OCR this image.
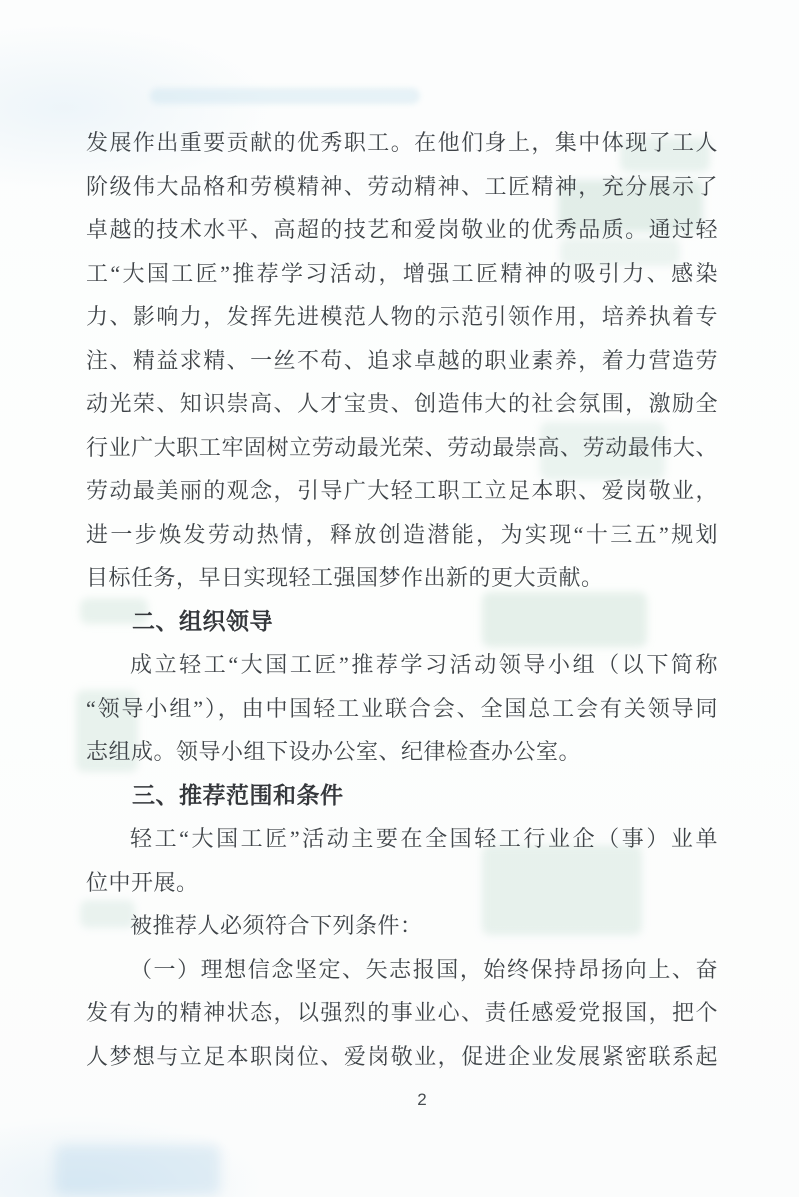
发展作出重要贡献的优秀职工。在他们身上，集中体现了工人
阶级伟大品格和劳模精神、劳动精神、工匠精神，充分展示了
卓越的技术水平、高超的技艺和爱岗敬业的优秀品质。通过轻
工“大国工匠”推荐学习活动，增强工匠精神的吸引力、感染
力、影响力，发挥先进模范人物的示范引领作用，培养执着专
注、精益求精、一丝不苟、追求卓越的职业素养，着力营造劳
动光荣、知识崇高、人才宝贵、创造伟大的社会氛围，激励全
行业广大职工牢固树立劳动最光荣、劳动最崇高、劳动最伟大、
劳动最美丽的观念，引导广大轻工职工立足本职、爱岗敬业，
进一步焕发劳动热情，释放创造潜能，为实现“十三五”规划
目标任务，早日实现轻工强国梦作出新的更大贡献。
二、组织领导
成立轻工“大国工匠”推荐学习活动领导小组（以下简称
“领导小组”），由中国轻工业联合会、全国总工会有关领导同
志组成。领导小组下设办公室、纪律检查办公室。
三、推荐范围和条件
轻工“大国工匠”活动主要在全国轻工行业企（事）业单
位中开展。
被推荐人必须符合下列条件：
（一）理想信念坚定、矢志报国，始终保持昂扬向上、奋
发有为的精神状态，以强烈的事业心、责任感爱党报国，把个
人梦想与立足本职岗位、爱岗敬业，促进企业发展紧密联系起
2
